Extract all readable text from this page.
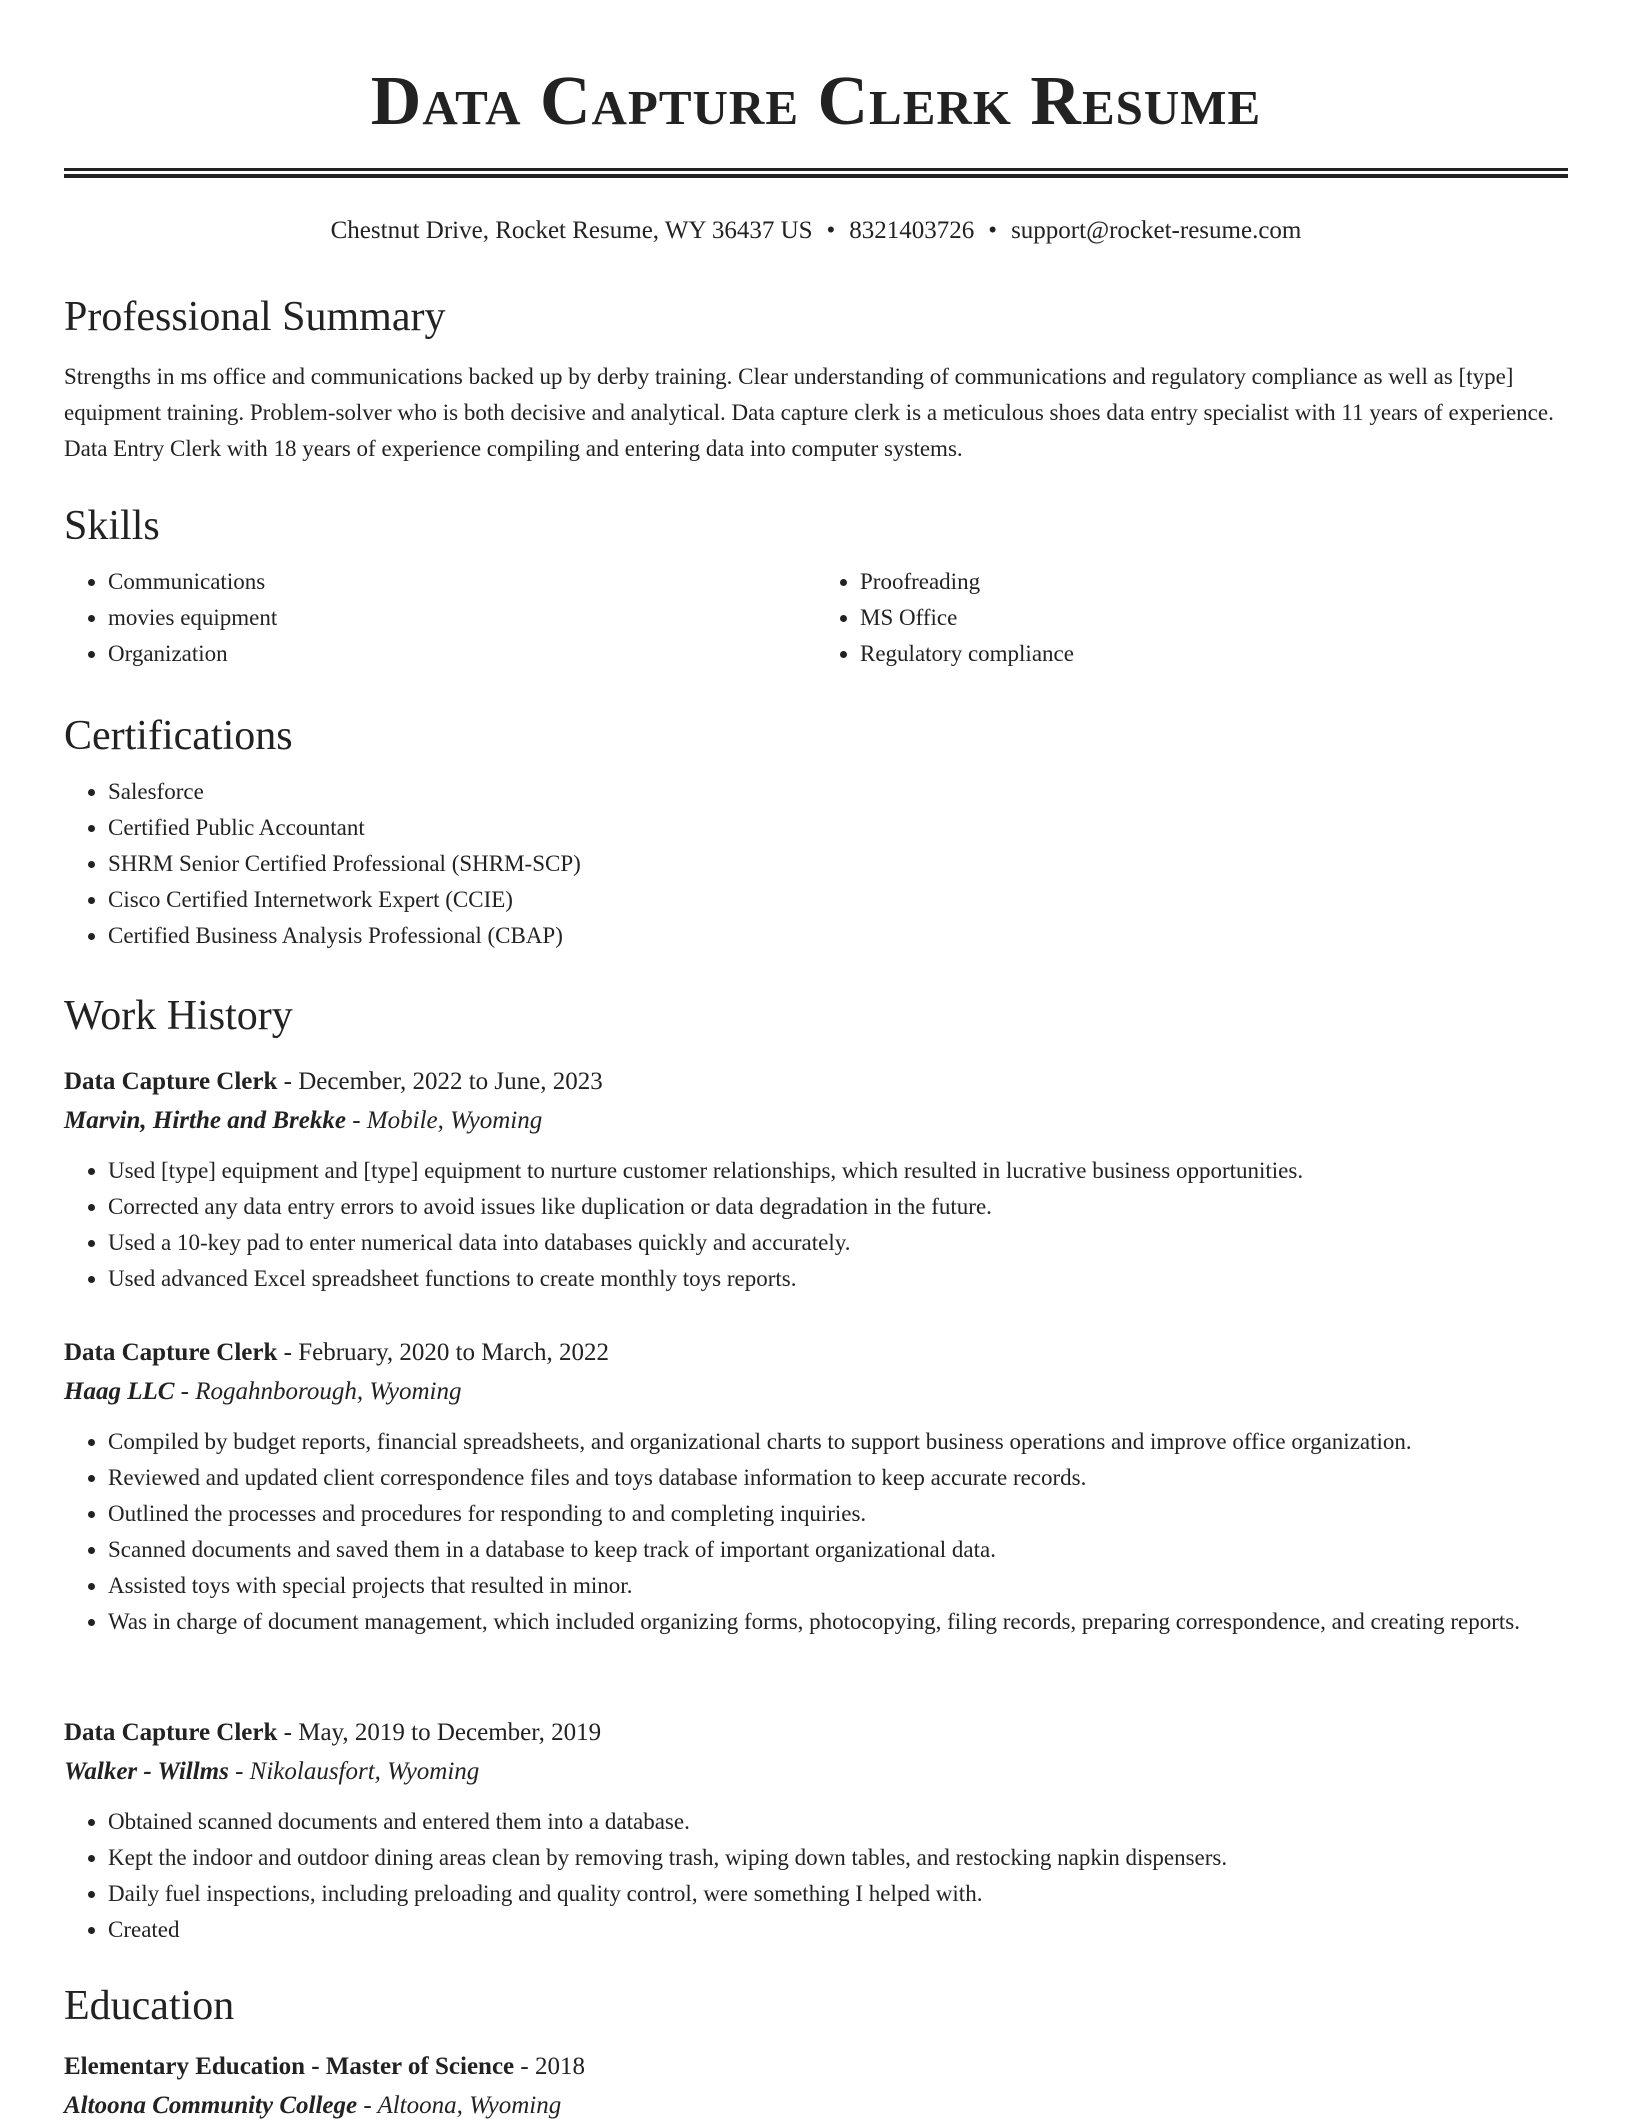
Data Capture Clerk Resume
Chestnut Drive, Rocket Resume, WY 36437 US • 8321403726 • support@rocket-resume.com
Professional Summary

Strengths in ms office and communications backed up by derby training. Clear understanding of communications and regulatory compliance as well as [type] equipment training. Problem-solver who is both decisive and analytical. Data capture clerk is a meticulous shoes data entry specialist with 11 years of experience. Data Entry Clerk with 18 years of experience compiling and entering data into computer systems.

Skills
• Communications
• movies equipment
• Organization
• Proofreading
• MS Office
• Regulatory compliance
Certifications
• Salesforce
• Certified Public Accountant
• SHRM Senior Certified Professional (SHRM-SCP)
• Cisco Certified Internetwork Expert (CCIE)
• Certified Business Analysis Professional (CBAP)
Work History
Data Capture Clerk - December, 2022 to June, 2023
Marvin, Hirthe and Brekke - Mobile, Wyoming
• Used [type] equipment and [type] equipment to nurture customer relationships, which resulted in lucrative business opportunities.
• Corrected any data entry errors to avoid issues like duplication or data degradation in the future.
• Used a 10-key pad to enter numerical data into databases quickly and accurately.
• Used advanced Excel spreadsheet functions to create monthly toys reports.
Data Capture Clerk - February, 2020 to March, 2022
Haag LLC - Rogahnborough, Wyoming
• Compiled by budget reports, financial spreadsheets, and organizational charts to support business operations and improve office organization.
• Reviewed and updated client correspondence files and toys database information to keep accurate records.
• Outlined the processes and procedures for responding to and completing inquiries.
• Scanned documents and saved them in a database to keep track of important organizational data.
• Assisted toys with special projects that resulted in minor.
• Was in charge of document management, which included organizing forms, photocopying, filing records, preparing correspondence, and creating reports.
Data Capture Clerk - May, 2019 to December, 2019
Walker - Willms - Nikolausfort, Wyoming
• Obtained scanned documents and entered them into a database.
• Kept the indoor and outdoor dining areas clean by removing trash, wiping down tables, and restocking napkin dispensers.
• Daily fuel inspections, including preloading and quality control, were something I helped with.
• Created
Education
Elementary Education - Master of Science - 2018
Altoona Community College - Altoona, Wyoming
